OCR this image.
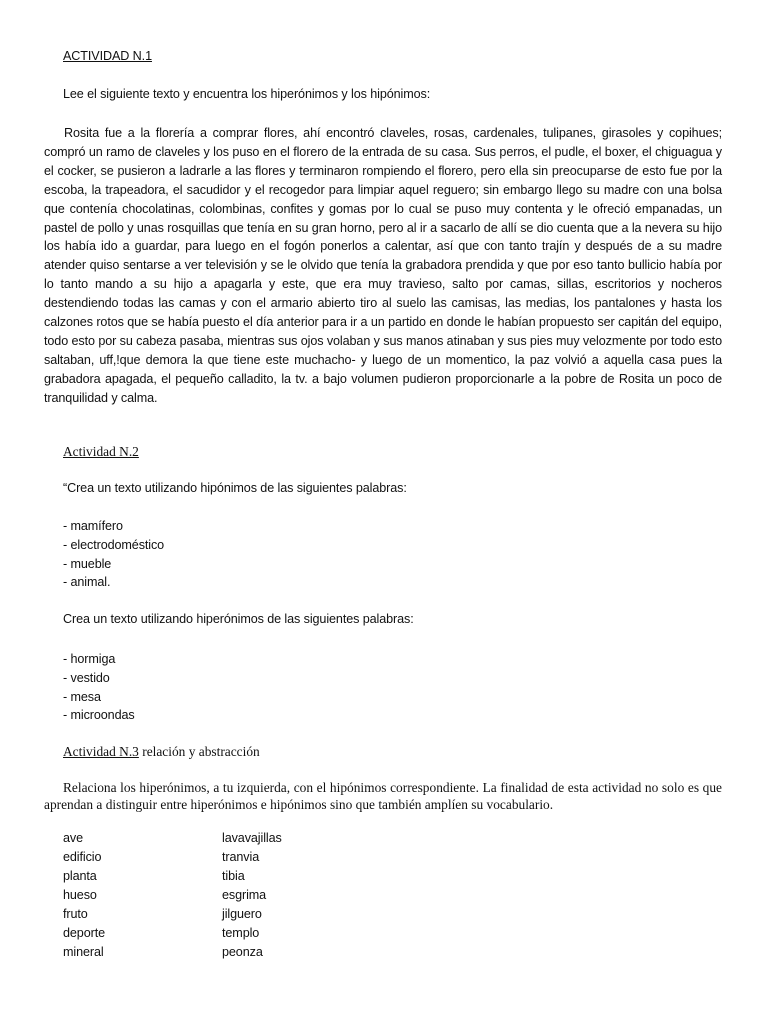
ACTIVIDAD N.1
Lee el siguiente texto y encuentra los hiperónimos y los hipónimos:
Rosita fue a la florería a comprar flores, ahí encontró claveles, rosas, cardenales, tulipanes, girasoles y copihues; compró un ramo de claveles y los puso en el florero de la entrada de su casa. Sus perros, el pudle, el boxer, el chiguagua y el cocker, se pusieron a ladrarle a las flores y terminaron rompiendo el florero, pero ella sin preocuparse de esto fue por la escoba, la trapeadora, el sacudidor y el recogedor para limpiar aquel reguero; sin embargo llego su madre con una bolsa que contenía chocolatinas, colombinas, confites y gomas por lo cual se puso muy contenta y le ofreció empanadas, un pastel de pollo y unas rosquillas que tenía en su gran horno, pero al ir a sacarlo de allí se dio cuenta que a la nevera su hijo los había ido a guardar, para luego en el fogón ponerlos a calentar, así que con tanto trajín y después de a su madre atender quiso sentarse a ver televisión y se le olvido que tenía la grabadora prendida y que por eso tanto bullicio había por lo tanto mando a su hijo a apagarla y este, que era muy travieso, salto por camas, sillas, escritorios y nocheros destendiendo todas las camas y con el armario abierto tiro al suelo las camisas, las medias, los pantalones y hasta los calzones rotos que se había puesto el día anterior para ir a un partido en donde le habían propuesto ser capitán del equipo, todo esto por su cabeza pasaba, mientras sus ojos volaban y sus manos atinaban y sus pies muy velozmente por todo esto saltaban, uff,!que demora la que tiene este muchacho- y luego de un momentico, la paz volvió a aquella casa pues la grabadora apagada, el pequeño calladito, la tv. a bajo volumen pudieron proporcionarle a la pobre de Rosita un poco de tranquilidad y calma.
Actividad N.2
“Crea un texto utilizando hipónimos de las siguientes palabras:
- mamífero
- electrodoméstico
- mueble
- animal.
Crea un texto utilizando hiperónimos de las siguientes palabras:
- hormiga
- vestido
- mesa
- microondas
Actividad N.3 relación y abstracción
Relaciona los hiperónimos, a tu izquierda, con el hipónimos correspondiente. La finalidad de esta actividad no solo es que aprendan a distinguir entre hiperónimos e hipónimos sino que también amplíen su vocabulario.
ave	lavavajillas
edificio	tranvia
planta	tibia
hueso	esgrima
fruto	jilguero
deporte	templo
mineral	peonza
